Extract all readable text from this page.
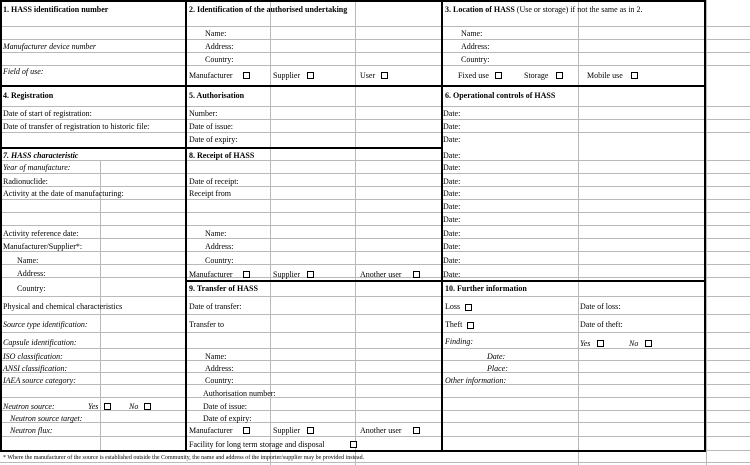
1. HASS identification number
Manufacturer device number
Field of use:
2. Identification of the authorised undertaking
Name:
Address:
Country:
Manufacturer	Supplier	User
3. Location of HASS (Use or storage) if not the same as in 2.
Name:
Address:
Country:
Fixed use	Storage	Mobile use
4. Registration
Date of start of registration:
Date of transfer of registration to historic file:
5. Authorisation
Number:
Date of issue:
Date of expiry:
6. Operational controls of HASS
Date:
Date:
Date:
Date:
Date:
Date:
Date:
Date:
Date:
Date:
Date:
Date:
Date:
7. HASS characteristic
Year of manufacture:
Radionuclide:
Activity at the date of manufacturing:
Activity reference date:
Manufacturer/Supplier*:
Name:
Address:
Country:
Physical and chemical characteristics
Source type identification:
Capsule identification:
ISO classification:
ANSI classification:
IAEA source category:
Neutron source:	Yes	No
Neutron source target:
Neutron flux:
8. Receipt of HASS
Date of receipt:
Receipt from
Name:
Address:
Country:
Manufacturer	Supplier	Another user
9. Transfer of HASS
Date of transfer:
Transfer to
Name:
Address:
Country:
Authorisation number:
Date of issue:
Date of expiry:
Manufacturer	Supplier	Another user
Facility for long term storage and disposal
10. Further information
Loss	Date of loss:
Theft	Date of theft:
Finding:	Yes	No
Date:
Place:
Other information:
* Where the manufacturer of the source is established outside the Community, the name and address of the importer/supplier may be provided instead.
